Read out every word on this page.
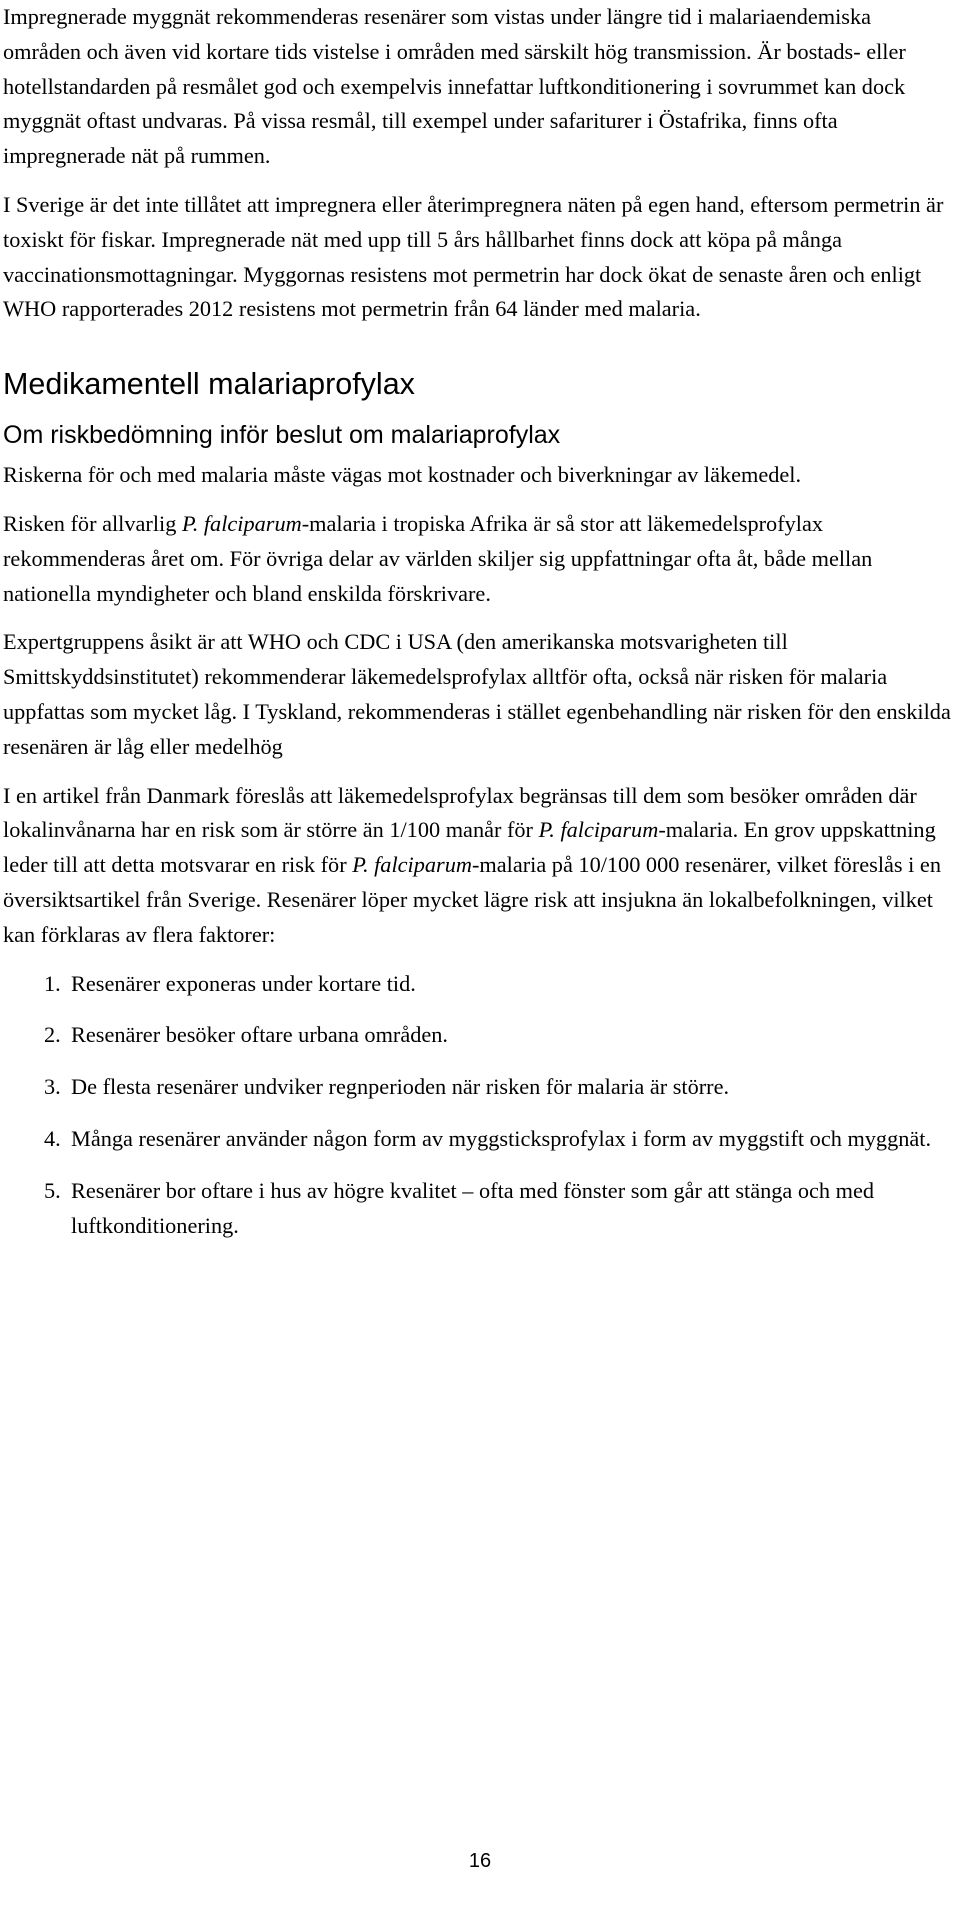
Impregnerade myggnät rekommenderas resenärer som vistas under längre tid i malariaendemiska områden och även vid kortare tids vistelse i områden med särskilt hög transmission. Är bostads- eller hotellstandarden på resmålet god och exempelvis innefattar luftkonditionering i sovrummet kan dock myggnät oftast undvaras. På vissa resmål, till exempel under safariturer i Östafrika, finns ofta impregnerade nät på rummen.

I Sverige är det inte tillåtet att impregnera eller återimpregnera näten på egen hand, eftersom permetrin är toxiskt för fiskar. Impregnerade nät med upp till 5 års hållbarhet finns dock att köpa på många vaccinationsmottagningar. Myggornas resistens mot permetrin har dock ökat de senaste åren och enligt WHO rapporterades 2012 resistens mot permetrin från 64 länder med malaria.

Medikamentell malariaprofylax
Om riskbedömning inför beslut om malariaprofylax

Riskerna för och med malaria måste vägas mot kostnader och biverkningar av läkemedel.

Risken för allvarlig P. falciparum-malaria i tropiska Afrika är så stor att läkemedelsprofylax rekommenderas året om. För övriga delar av världen skiljer sig uppfattningar ofta åt, både mellan nationella myndigheter och bland enskilda förskrivare.

Expertgruppens åsikt är att WHO och CDC i USA (den amerikanska motsvarigheten till Smittskyddsinstitutet) rekommenderar läkemedelsprofylax alltför ofta, också när risken för malaria uppfattas som mycket låg. I Tyskland, rekommenderas i stället egenbehandling när risken för den enskilda resenären är låg eller medelhög

I en artikel från Danmark föreslås att läkemedelsprofylax begränsas till dem som besöker områden där lokalinvånarna har en risk som är större än 1/100 manår för P. falciparum-malaria. En grov uppskattning leder till att detta motsvarar en risk för P. falciparum-malaria på 10/100 000 resenärer, vilket föreslås i en översiktsartikel från Sverige. Resenärer löper mycket lägre risk att insjukna än lokalbefolkningen, vilket kan förklaras av flera faktorer:

1. Resenärer exponeras under kortare tid.
2. Resenärer besöker oftare urbana områden.
3. De flesta resenärer undviker regnperioden när risken för malaria är större.
4. Många resenärer använder någon form av myggsticksprofylax i form av myggstift och myggnät.
5. Resenärer bor oftare i hus av högre kvalitet – ofta med fönster som går att stänga och med luftkonditionering.
16
